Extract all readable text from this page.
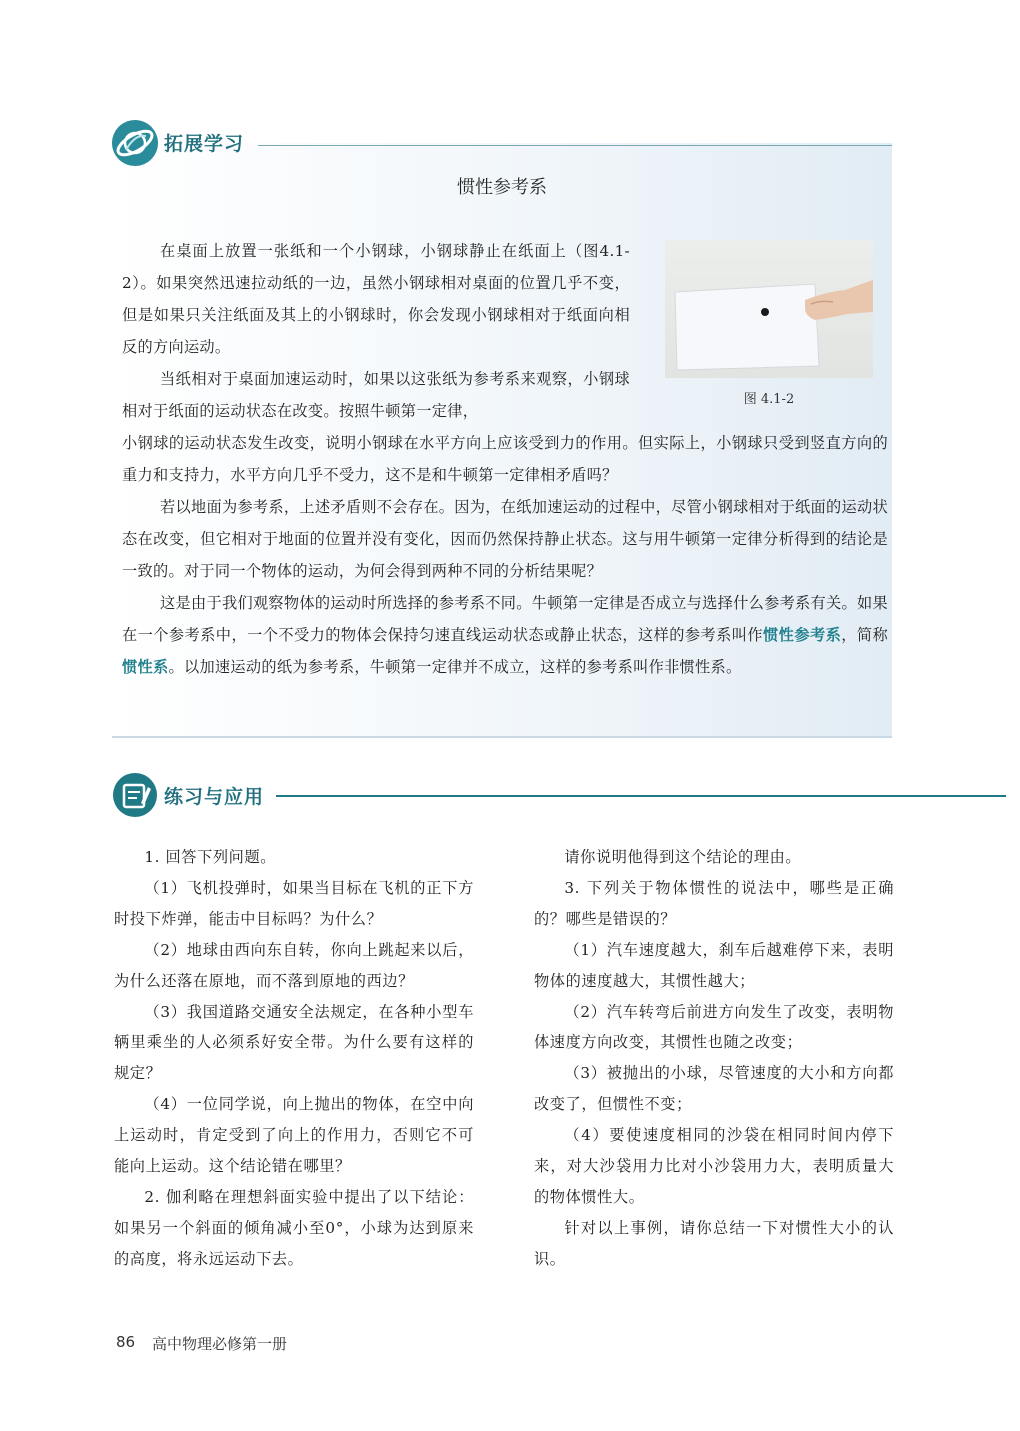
拓展学习
惯性参考系

在桌面上放置一张纸和一个小钢球，小钢球静止在纸面上（图4.1-2）。如果突然迅速拉动纸的一边，虽然小钢球相对桌面的位置几乎不变，但是如果只关注纸面及其上的小钢球时，你会发现小钢球相对于纸面向相反的方向运动。

当纸相对于桌面加速运动时，如果以这张纸为参考系来观察，小钢球相对于纸面的运动状态在改变。按照牛顿第一定律，

小钢球的运动状态发生改变，说明小钢球在水平方向上应该受到力的作用。但实际上，小钢球只受到竖直方向的重力和支持力，水平方向几乎不受力，这不是和牛顿第一定律相矛盾吗？

若以地面为参考系，上述矛盾则不会存在。因为，在纸加速运动的过程中，尽管小钢球相对于纸面的运动状态在改变，但它相对于地面的位置并没有变化，因而仍然保持静止状态。这与用牛顿第一定律分析得到的结论是一致的。对于同一个物体的运动，为何会得到两种不同的分析结果呢？

这是由于我们观察物体的运动时所选择的参考系不同。牛顿第一定律是否成立与选择什么参考系有关。如果在一个参考系中，一个不受力的物体会保持匀速直线运动状态或静止状态，这样的参考系叫作惯性参考系，简称惯性系。以加速运动的纸为参考系，牛顿第一定律并不成立，这样的参考系叫作非惯性系。

图 4.1-2
练习与应用

1. 回答下列问题。

（1）飞机投弹时，如果当目标在飞机的正下方时投下炸弹，能击中目标吗？为什么？

（2）地球由西向东自转，你向上跳起来以后，为什么还落在原地，而不落到原地的西边？

（3）我国道路交通安全法规定，在各种小型车辆里乘坐的人必须系好安全带。为什么要有这样的规定？

（4）一位同学说，向上抛出的物体，在空中向上运动时，肯定受到了向上的作用力，否则它不可能向上运动。这个结论错在哪里？

2. 伽利略在理想斜面实验中提出了以下结论：如果另一个斜面的倾角减小至0°，小球为达到原来的高度，将永远运动下去。

请你说明他得到这个结论的理由。

3. 下列关于物体惯性的说法中，哪些是正确的？哪些是错误的？

（1）汽车速度越大，刹车后越难停下来，表明物体的速度越大，其惯性越大；

（2）汽车转弯后前进方向发生了改变，表明物体速度方向改变，其惯性也随之改变；

（3）被抛出的小球，尽管速度的大小和方向都改变了，但惯性不变；

（4）要使速度相同的沙袋在相同时间内停下来，对大沙袋用力比对小沙袋用力大，表明质量大的物体惯性大。

针对以上事例，请你总结一下对惯性大小的认识。

86 高中物理必修第一册
